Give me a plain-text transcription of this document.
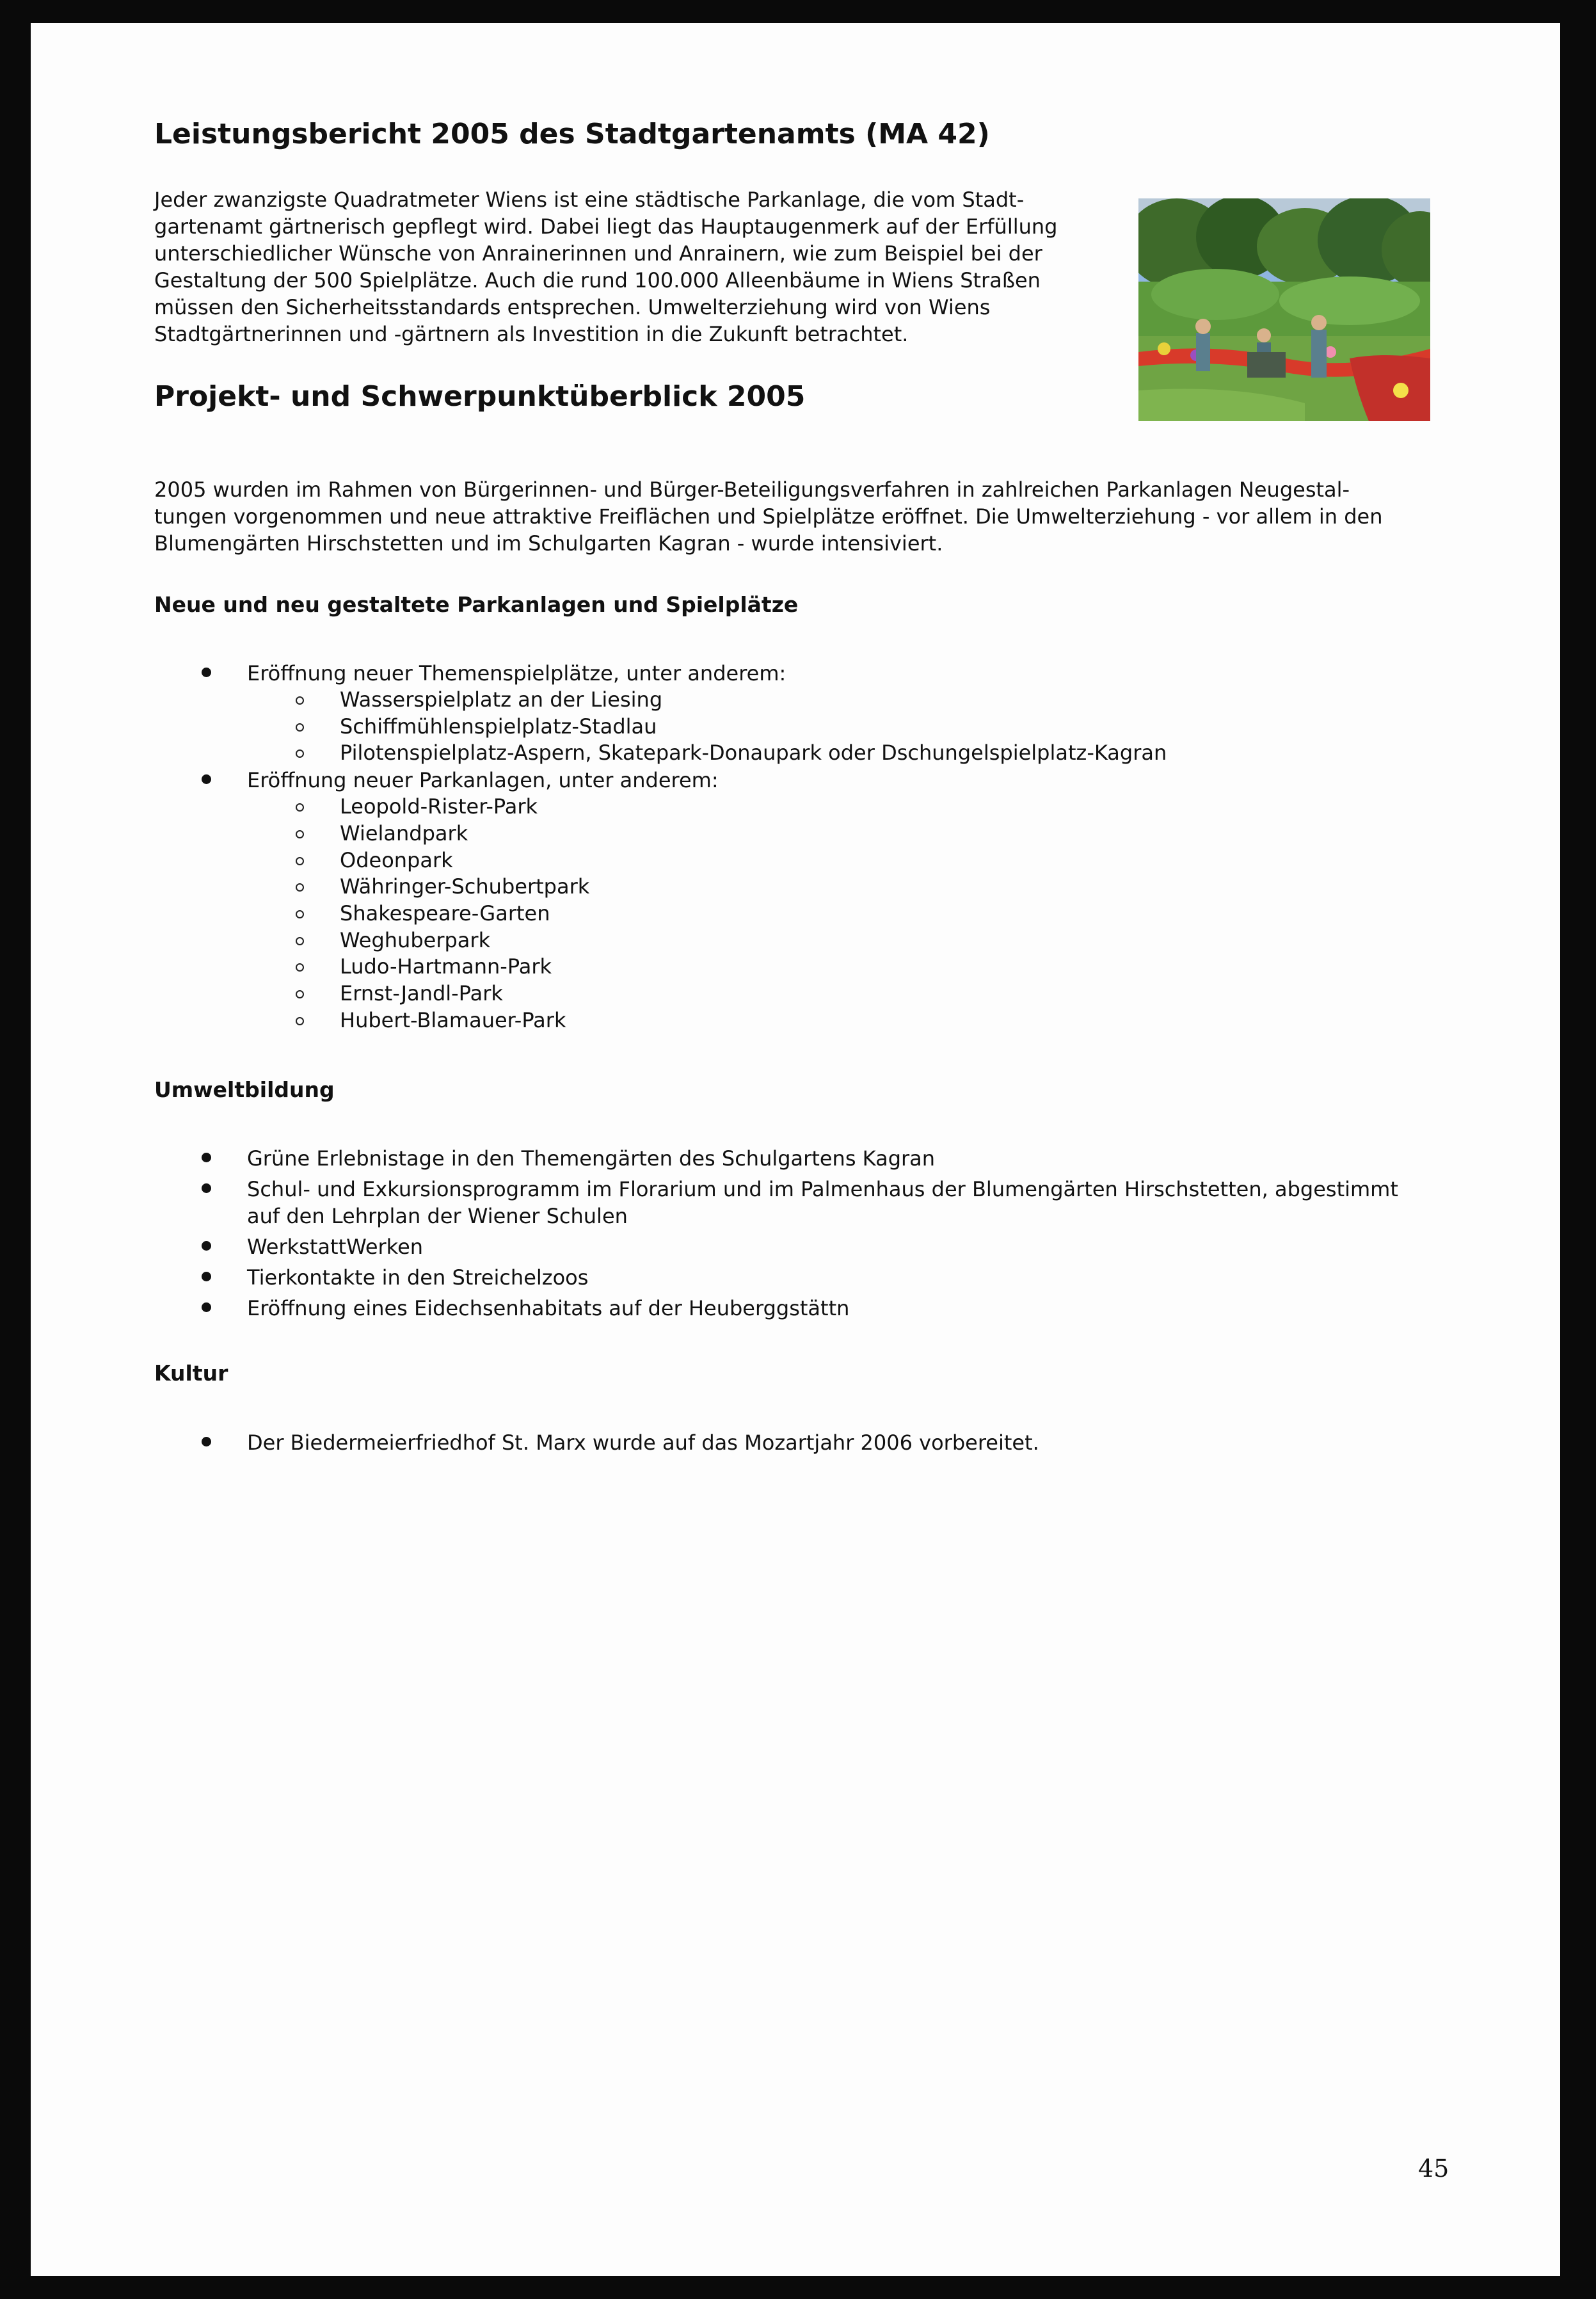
Leistungsbericht 2005 des Stadtgartenamts (MA 42)
Jeder zwanzigste Quadratmeter Wiens ist eine städtische Parkanlage, die vom Stadt-
gartenamt gärtnerisch gepflegt wird. Dabei liegt das Hauptaugenmerk auf der Erfüllung
unterschiedlicher Wünsche von Anrainerinnen und Anrainern, wie zum Beispiel bei der
Gestaltung der 500 Spielplätze. Auch die rund 100.000 Alleenbäume in Wiens Straßen
müssen den Sicherheitsstandards entsprechen. Umwelterziehung wird von Wiens
Stadtgärtnerinnen und -gärtnern als Investition in die Zukunft betrachtet.
Projekt- und Schwerpunktüberblick 2005
2005 wurden im Rahmen von Bürgerinnen- und Bürger-Beteiligungsverfahren in zahlreichen Parkanlagen Neugestal-
tungen vorgenommen und neue attraktive Freiflächen und Spielplätze eröffnet. Die Umwelterziehung - vor allem in den
Blumengärten Hirschstetten und im Schulgarten Kagran - wurde intensiviert.
Neue und neu gestaltete Parkanlagen und Spielplätze
Eröffnung neuer Themenspielplätze, unter anderem:
Wasserspielplatz an der Liesing
Schiffmühlenspielplatz-Stadlau
Pilotenspielplatz-Aspern, Skatepark-Donaupark oder Dschungelspielplatz-Kagran
Eröffnung neuer Parkanlagen, unter anderem:
Leopold-Rister-Park
Wielandpark
Odeonpark
Währinger-Schubertpark
Shakespeare-Garten
Weghuberpark
Ludo-Hartmann-Park
Ernst-Jandl-Park
Hubert-Blamauer-Park
Umweltbildung
Grüne Erlebnistage in den Themengärten des Schulgartens Kagran
Schul- und Exkursionsprogramm im Florarium und im Palmenhaus der Blumengärten Hirschstetten, abgestimmt
auf den Lehrplan der Wiener Schulen
WerkstattWerken
Tierkontakte in den Streichelzoos
Eröffnung eines Eidechsenhabitats auf der Heuberggstättn
Kultur
Der Biedermeierfriedhof St. Marx wurde auf das Mozartjahr 2006 vorbereitet.
45
